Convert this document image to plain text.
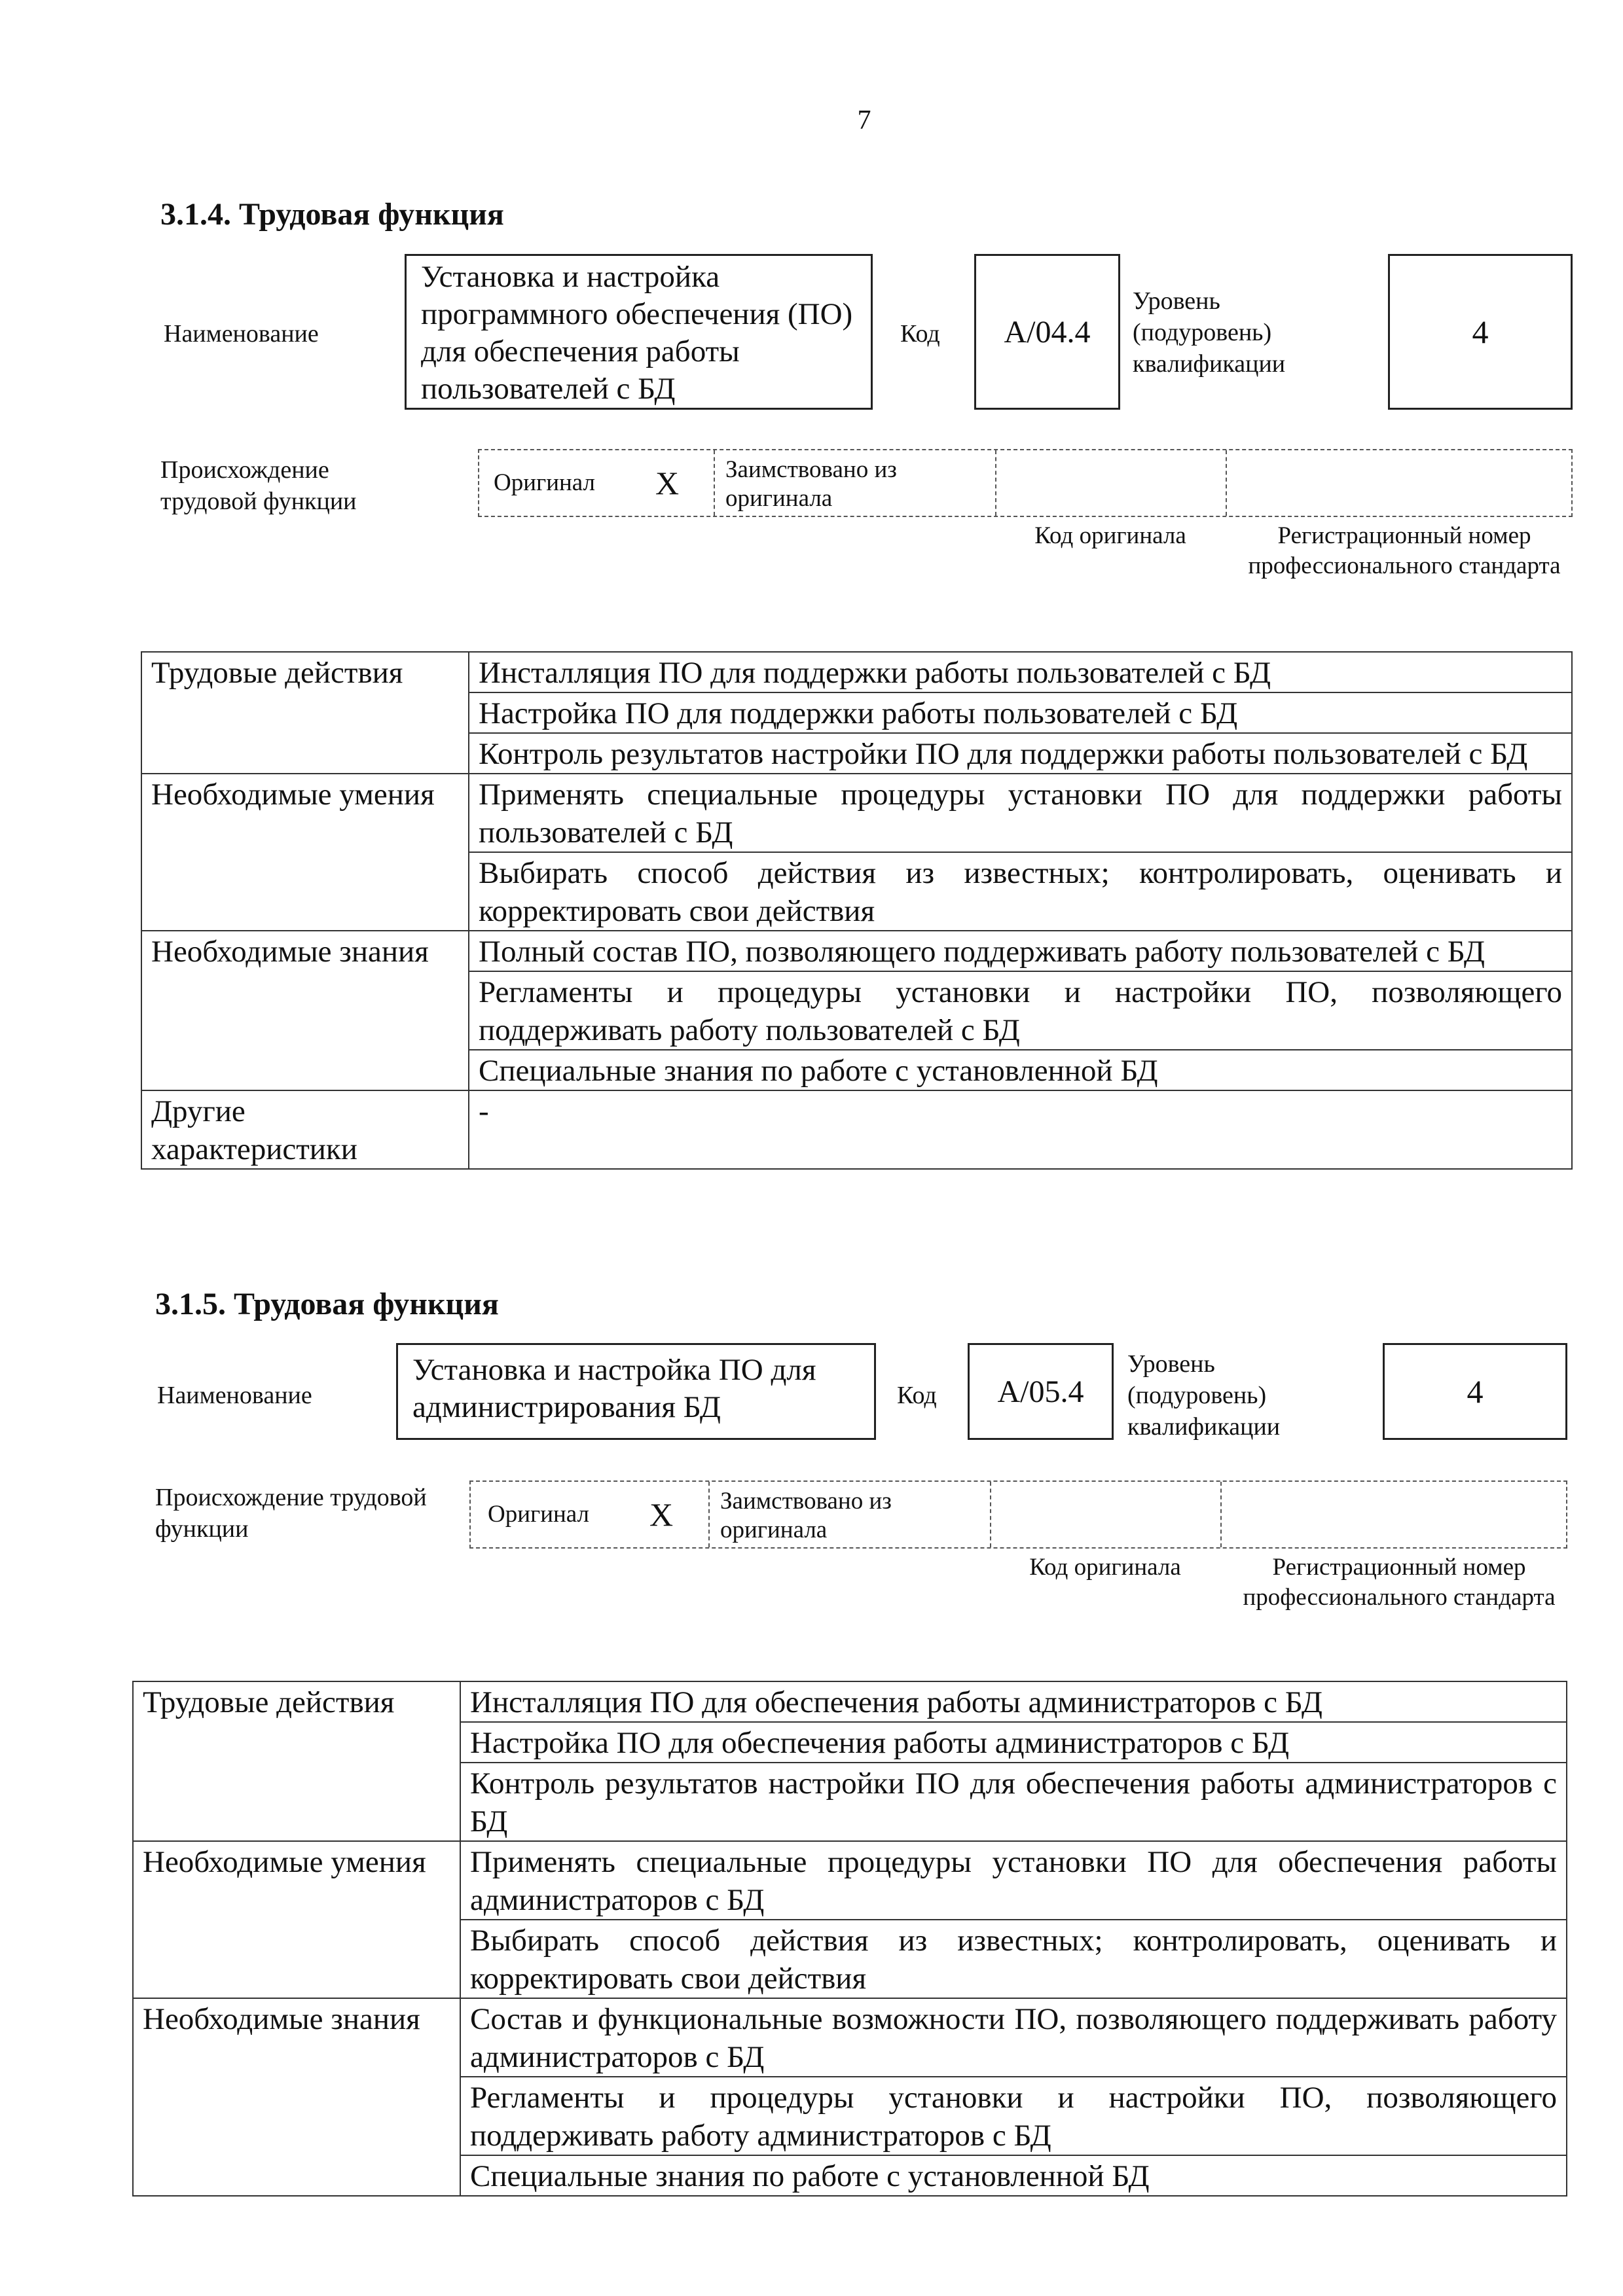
7
3.1.4. Трудовая функция
Наименование
Установка и настройка программного обеспечения (ПО) для обеспечения работы пользователей с БД
Код A/04.4
Уровень (подуровень) квалификации
4
Происхождение трудовой функции
Оригинал X	Заимствовано из оригинала
Код оригинала	Регистрационный номер профессионального стандарта
Трудовые действия	Инсталляция ПО для поддержки работы пользователей с БД
	Настройка ПО для поддержки работы пользователей с БД
	Контроль результатов настройки ПО для поддержки работы пользователей с БД
Необходимые умения	Применять специальные процедуры установки ПО для поддержки работы пользователей с БД
	Выбирать способ действия из известных; контролировать, оценивать и корректировать свои действия
Необходимые знания	Полный состав ПО, позволяющего поддерживать работу пользователей с БД
	Регламенты и процедуры установки и настройки ПО, позволяющего поддерживать работу пользователей с БД
	Специальные знания по работе с установленной БД
Другие характеристики	-
3.1.5. Трудовая функция
Наименование
Установка и настройка ПО для администрирования БД	Код A/05.4
Уровень (подуровень) квалификации
4
Происхождение трудовой функции
Оригинал X	Заимствовано из оригинала
Код оригинала	Регистрационный номер профессионального стандарта
Трудовые действия	Инсталляция ПО для обеспечения работы администраторов с БД
	Настройка ПО для обеспечения работы администраторов с БД
	Контроль результатов настройки ПО для обеспечения работы администраторов с БД
Необходимые умения	Применять специальные процедуры установки ПО для обеспечения работы администраторов с БД
	Выбирать способ действия из известных; контролировать, оценивать и корректировать свои действия
Необходимые знания	Состав и функциональные возможности ПО, позволяющего поддерживать работу администраторов с БД
	Регламенты и процедуры установки и настройки ПО, позволяющего поддерживать работу администраторов с БД
	Специальные знания по работе с установленной БД
